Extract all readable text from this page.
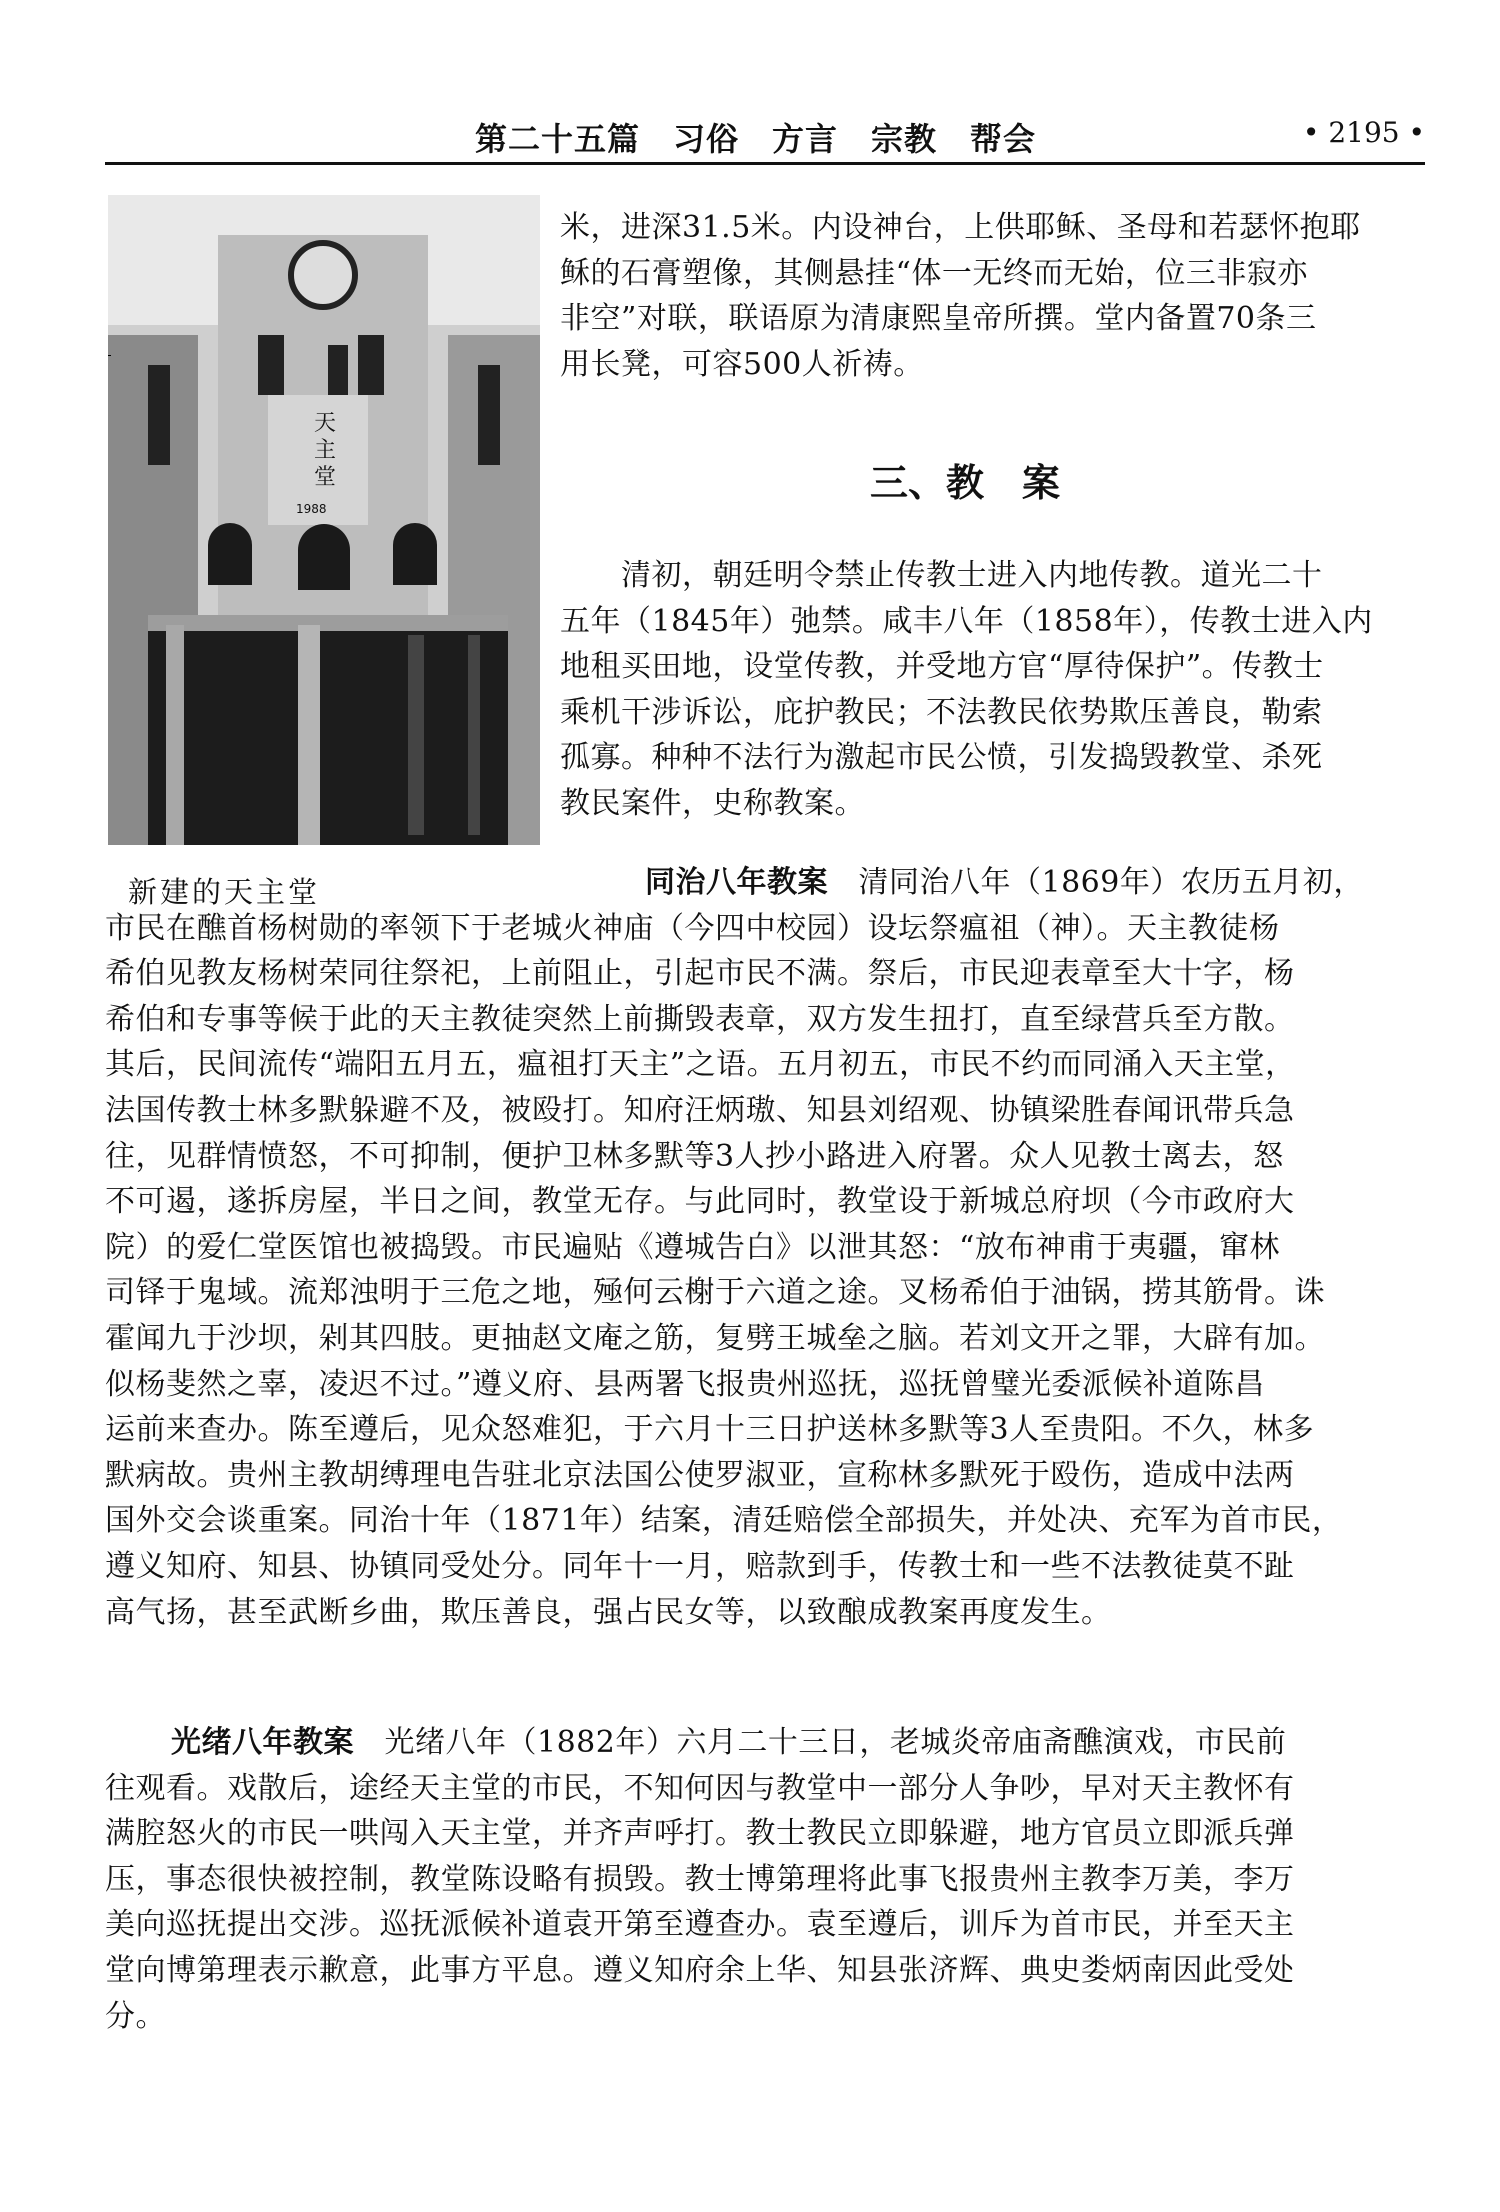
第二十五篇　习俗　方言　宗教　帮会	• 2195 •
天
主
堂
1988
新建的天主堂
米，进深31.5米。内设神台，上供耶稣、圣母和若瑟怀抱耶
稣的石膏塑像，其侧悬挂“体一无终而无始，位三非寂亦
非空”对联，联语原为清康熙皇帝所撰。堂内备置70条三
用长凳，可容500人祈祷。
三、教　案
　　清初，朝廷明令禁止传教士进入内地传教。道光二十
五年（1845年）弛禁。咸丰八年（1858年），传教士进入内
地租买田地，设堂传教，并受地方官“厚待保护”。传教士
乘机干涉诉讼，庇护教民；不法教民依势欺压善良，勒索
孤寡。种种不法行为激起市民公愤，引发捣毁教堂、杀死
教民案件，史称教案。
同治八年教案　清同治八年（1869年）农历五月初，
市民在醮首杨树勋的率领下于老城火神庙（今四中校园）设坛祭瘟祖（神）。天主教徒杨
希伯见教友杨树荣同往祭祀，上前阻止，引起市民不满。祭后，市民迎表章至大十字，杨
希伯和专事等候于此的天主教徒突然上前撕毁表章，双方发生扭打，直至绿营兵至方散。
其后，民间流传“端阳五月五，瘟祖打天主”之语。五月初五，市民不约而同涌入天主堂，
法国传教士林多默躲避不及，被殴打。知府汪炳璈、知县刘绍观、协镇梁胜春闻讯带兵急
往，见群情愤怒，不可抑制，便护卫林多默等3人抄小路进入府署。众人见教士离去，怒
不可遏，遂拆房屋，半日之间，教堂无存。与此同时，教堂设于新城总府坝（今市政府大
院）的爱仁堂医馆也被捣毁。市民遍贴《遵城告白》以泄其怒：“放布神甫于夷疆，窜林
司铎于鬼域。流郑浊明于三危之地，殛何云榭于六道之途。叉杨希伯于油锅，捞其筋骨。诛
霍闻九于沙坝，剁其四肢。更抽赵文庵之筋，复劈王城垒之脑。若刘文开之罪，大辟有加。
似杨斐然之辜，凌迟不过。”遵义府、县两署飞报贵州巡抚，巡抚曾璧光委派候补道陈昌
运前来查办。陈至遵后，见众怒难犯，于六月十三日护送林多默等3人至贵阳。不久，林多
默病故。贵州主教胡缚理电告驻北京法国公使罗淑亚，宣称林多默死于殴伤，造成中法两
国外交会谈重案。同治十年（1871年）结案，清廷赔偿全部损失，并处决、充军为首市民，
遵义知府、知县、协镇同受处分。同年十一月，赔款到手，传教士和一些不法教徒莫不趾
高气扬，甚至武断乡曲，欺压善良，强占民女等，以致酿成教案再度发生。
光绪八年教案　光绪八年（1882年）六月二十三日，老城炎帝庙斋醮演戏，市民前
往观看。戏散后，途经天主堂的市民，不知何因与教堂中一部分人争吵，早对天主教怀有
满腔怒火的市民一哄闯入天主堂，并齐声呼打。教士教民立即躲避，地方官员立即派兵弹
压，事态很快被控制，教堂陈设略有损毁。教士博第理将此事飞报贵州主教李万美，李万
美向巡抚提出交涉。巡抚派候补道袁开第至遵查办。袁至遵后，训斥为首市民，并至天主
堂向博第理表示歉意，此事方平息。遵义知府余上华、知县张济辉、典史娄炳南因此受处
分。
